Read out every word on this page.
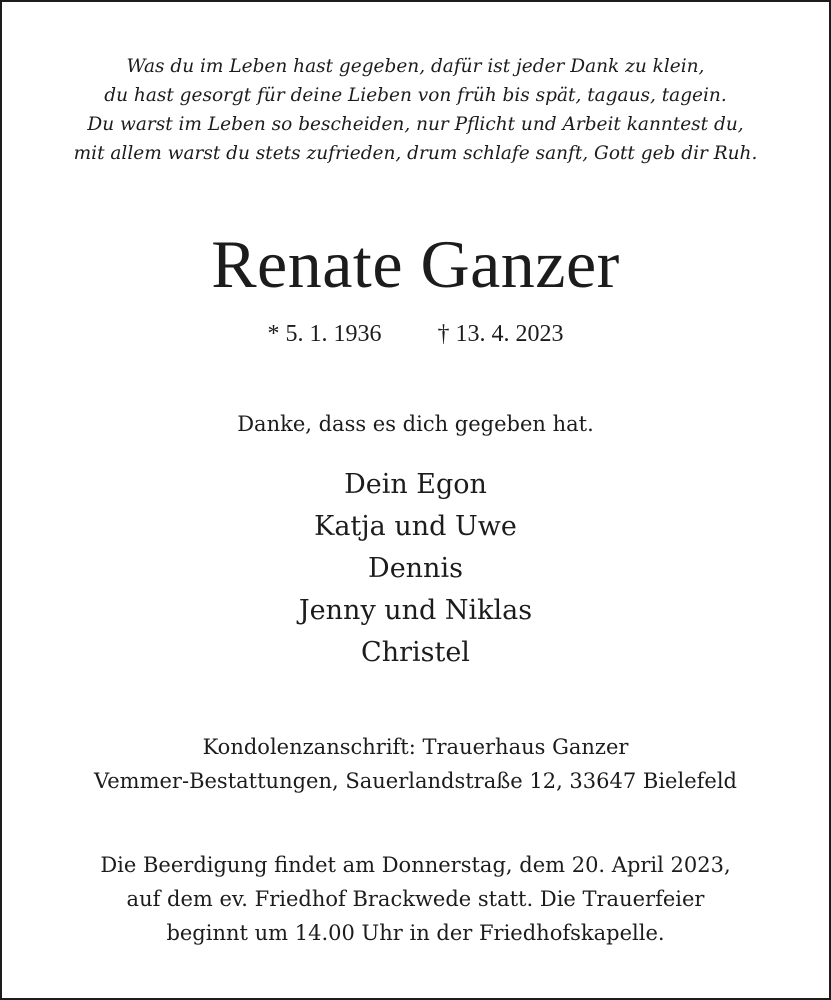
Was du im Leben hast gegeben, dafür ist jeder Dank zu klein,
du hast gesorgt für deine Lieben von früh bis spät, tagaus, tagein.
Du warst im Leben so bescheiden, nur Pflicht und Arbeit kanntest du,
mit allem warst du stets zufrieden, drum schlafe sanft, Gott geb dir Ruh.
Renate Ganzer
* 5. 1. 1936 † 13. 4. 2023
Danke, dass es dich gegeben hat.
Dein Egon
Katja und Uwe
Dennis
Jenny und Niklas
Christel
Kondolenzanschrift: Trauerhaus Ganzer
Vemmer-Bestattungen, Sauerlandstraße 12, 33647 Bielefeld
Die Beerdigung findet am Donnerstag, dem 20. April 2023,
auf dem ev. Friedhof Brackwede statt. Die Trauerfeier
beginnt um 14.00 Uhr in der Friedhofskapelle.
